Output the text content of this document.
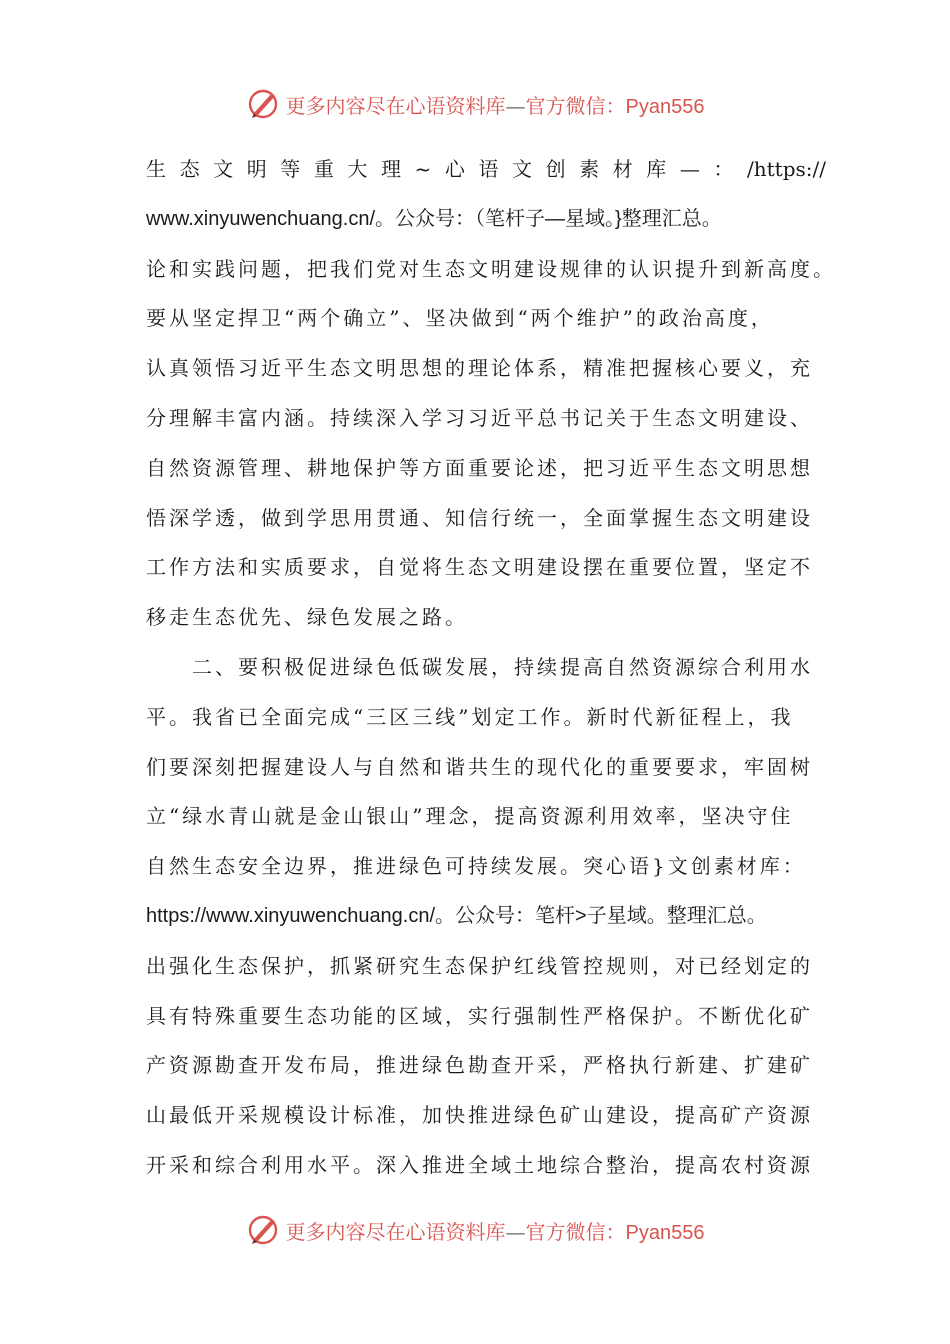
更多内容尽在心语资料库—官方微信：Pyan556
生态文明等重大理~心语文创素材库—：/https://
www.xinyuwenchuang.cn/。公众号：（笔杆子—星域。}整理汇总。
论和实践问题，把我们党对生态文明建设规律的认识提升到新高度。
要从坚定捍卫“两个确立”、坚决做到“两个维护”的政治高度，
认真领悟习近平生态文明思想的理论体系，精准把握核心要义，充
分理解丰富内涵。持续深入学习习近平总书记关于生态文明建设、
自然资源管理、耕地保护等方面重要论述，把习近平生态文明思想
悟深学透，做到学思用贯通、知信行统一，全面掌握生态文明建设
工作方法和实质要求，自觉将生态文明建设摆在重要位置，坚定不
移走生态优先、绿色发展之路。
二、要积极促进绿色低碳发展，持续提高自然资源综合利用水
平。我省已全面完成“三区三线”划定工作。新时代新征程上，我
们要深刻把握建设人与自然和谐共生的现代化的重要要求，牢固树
立“绿水青山就是金山银山”理念，提高资源利用效率，坚决守住
自然生态安全边界，推进绿色可持续发展。突心语}文创素材库：
https://www.xinyuwenchuang.cn/。公众号：笔杆>子星域。整理汇总。
出强化生态保护，抓紧研究生态保护红线管控规则，对已经划定的
具有特殊重要生态功能的区域，实行强制性严格保护。不断优化矿
产资源勘查开发布局，推进绿色勘查开采，严格执行新建、扩建矿
山最低开采规模设计标准，加快推进绿色矿山建设，提高矿产资源
开采和综合利用水平。深入推进全域土地综合整治，提高农村资源
更多内容尽在心语资料库—官方微信：Pyan556
